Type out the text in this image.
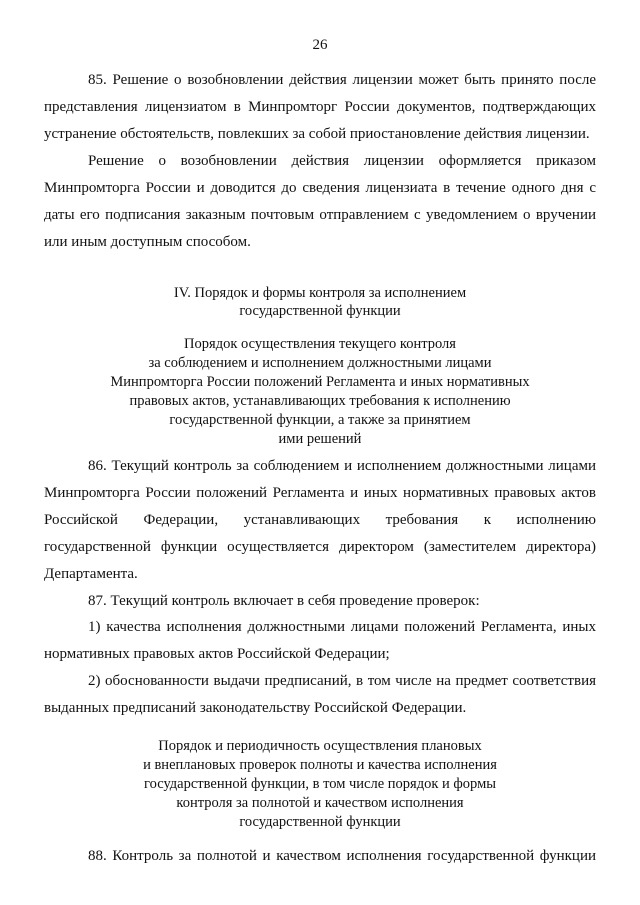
26
85. Решение о возобновлении действия лицензии может быть принято после представления лицензиатом в Минпромторг России документов, подтверждающих устранение обстоятельств, повлекших за собой приостановление действия лицензии.
Решение о возобновлении действия лицензии оформляется приказом Минпромторга России и доводится до сведения лицензиата в течение одного дня с даты его подписания заказным почтовым отправлением с уведомлением о вручении или иным доступным способом.
IV. Порядок и формы контроля за исполнением
государственной функции
Порядок осуществления текущего контроля
за соблюдением и исполнением должностными лицами
Минпромторга России положений Регламента и иных нормативных
правовых актов, устанавливающих требования к исполнению
государственной функции, а также за принятием
ими решений
86. Текущий контроль за соблюдением и исполнением должностными лицами Минпромторга России положений Регламента и иных нормативных правовых актов Российской Федерации, устанавливающих требования к исполнению государственной функции осуществляется директором (заместителем директора) Департамента.
87. Текущий контроль включает в себя проведение проверок:
1) качества исполнения должностными лицами положений Регламента, иных нормативных правовых актов Российской Федерации;
2) обоснованности выдачи предписаний, в том числе на предмет соответствия выданных предписаний законодательству Российской Федерации.
Порядок и периодичность осуществления плановых
и внеплановых проверок полноты и качества исполнения
государственной функции, в том числе порядок и формы
контроля за полнотой и качеством исполнения
государственной функции
88. Контроль за полнотой и качеством исполнения государственной функции
